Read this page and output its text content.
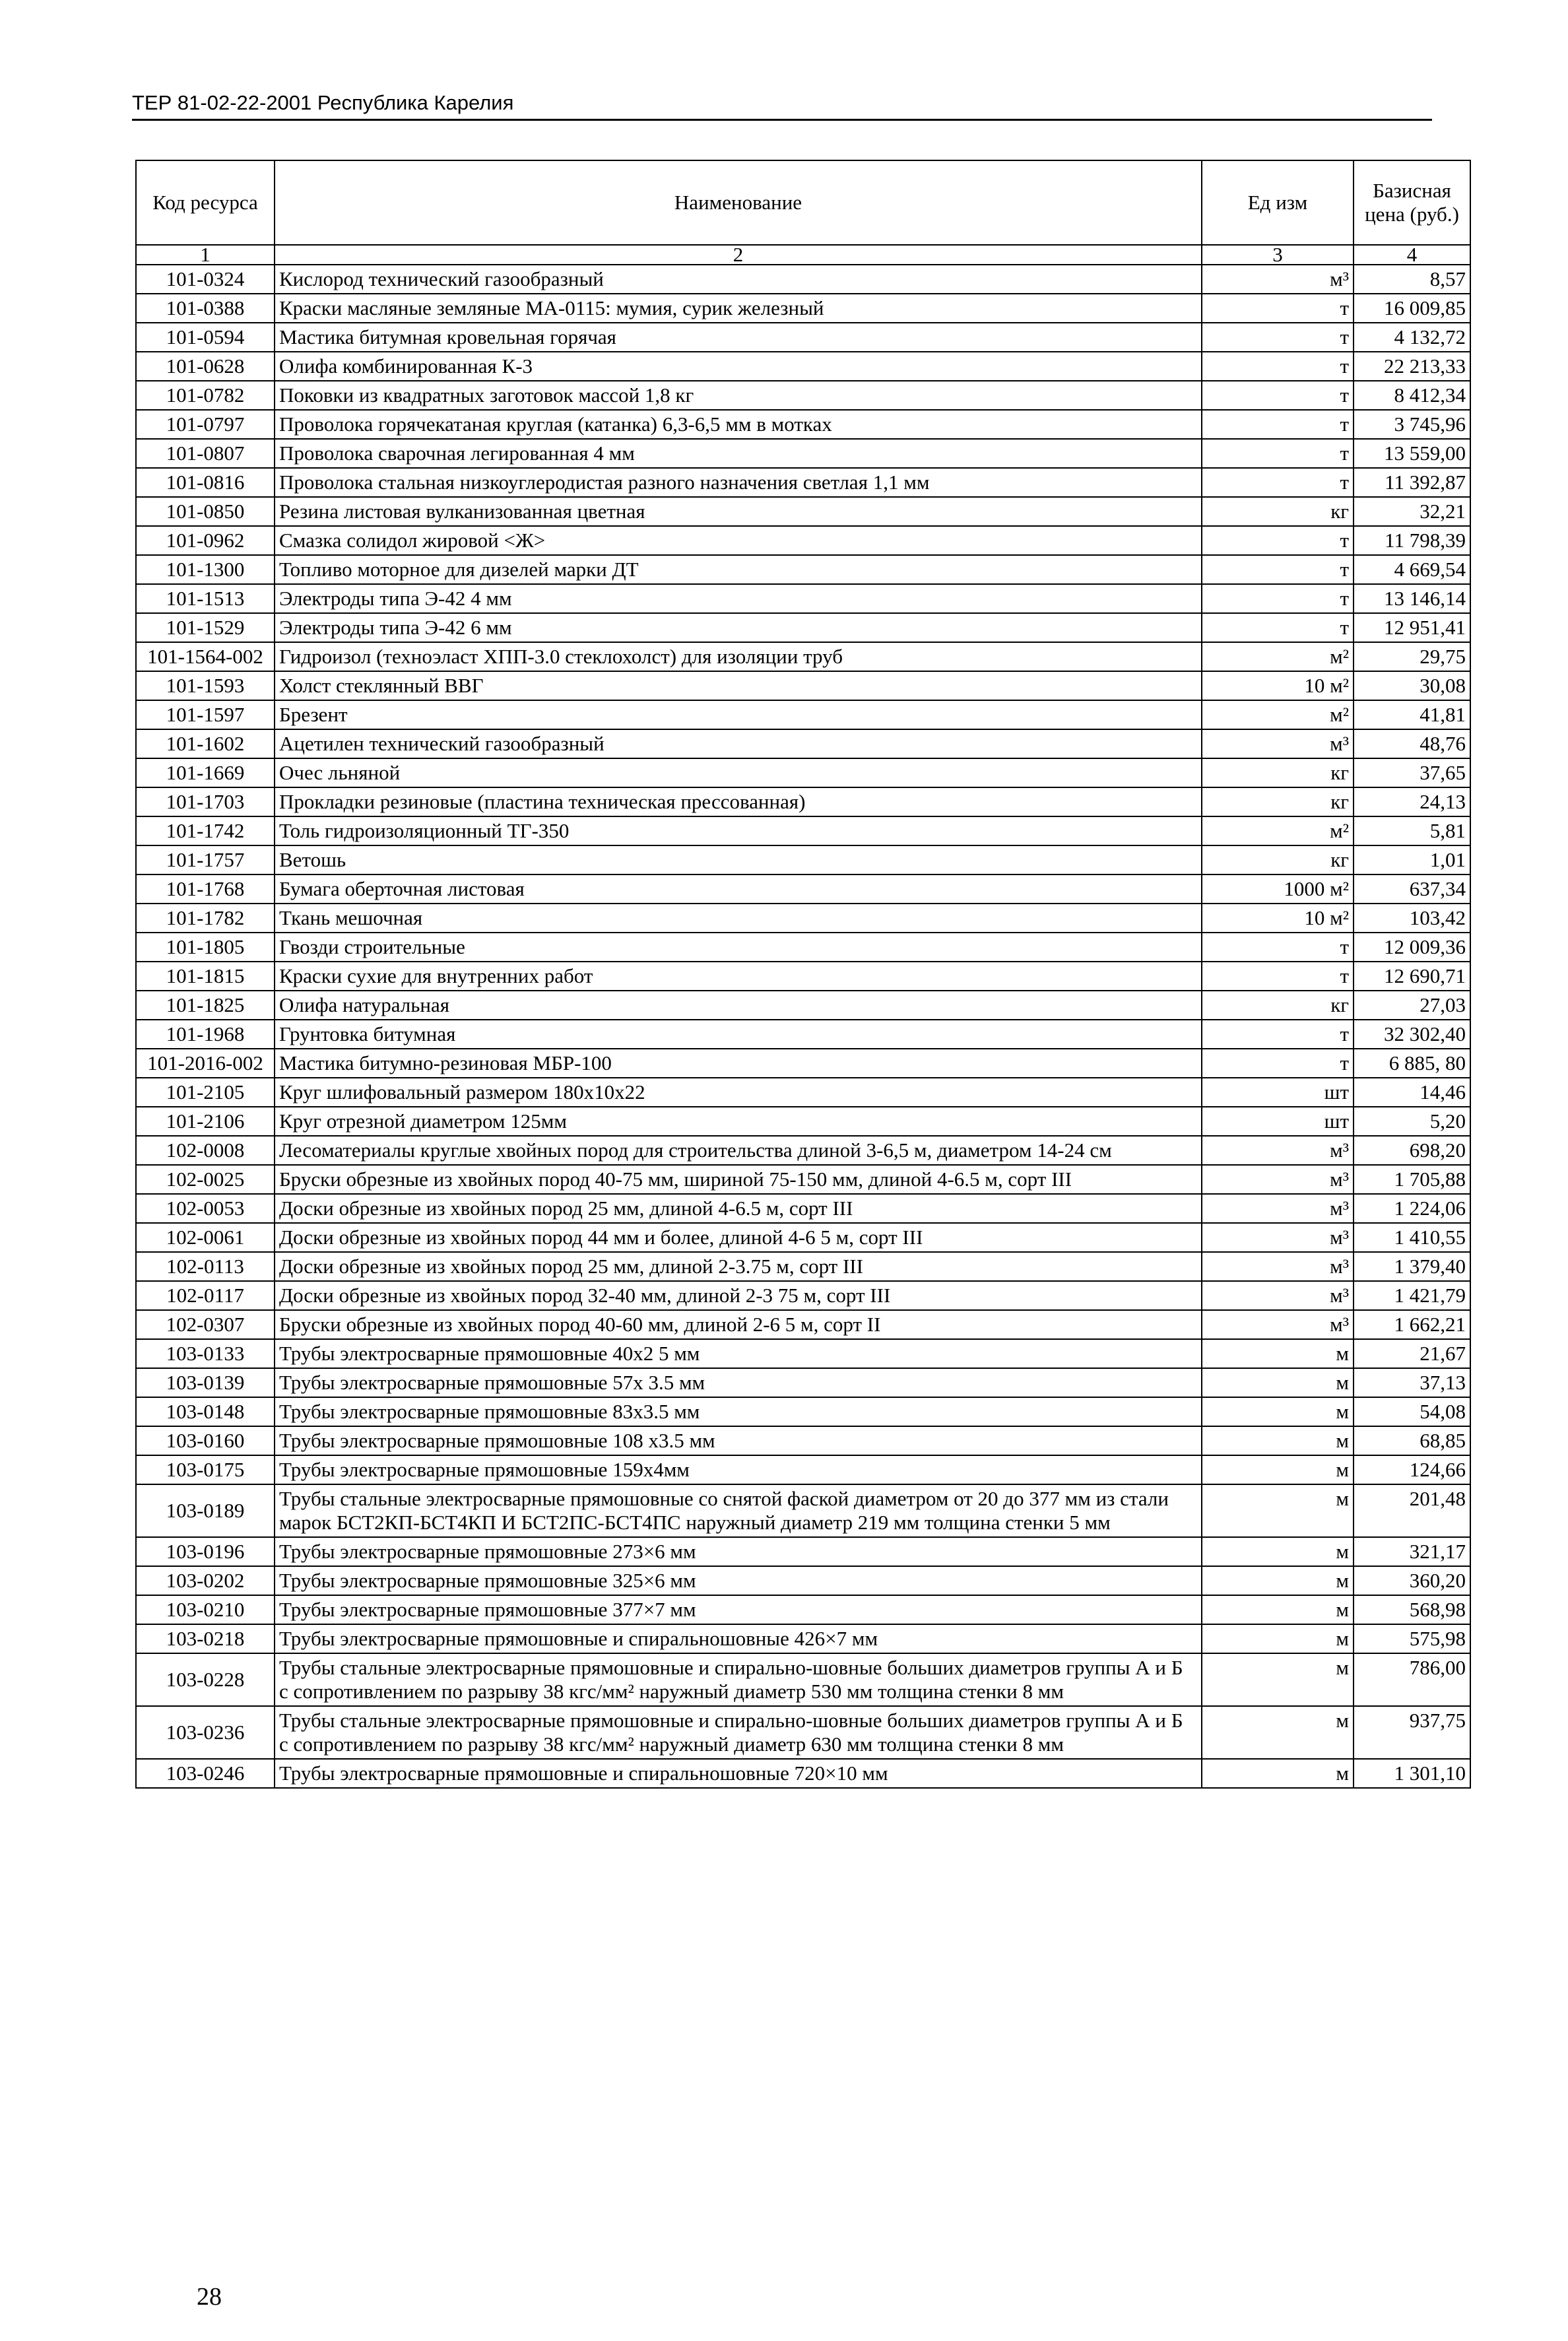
ТЕР 81-02-22-2001 Республика Карелия
Код ресурса	Наименование	Ед изм	Базисная цена (руб.)
1	2	3	4
101-0324	Кислород технический газообразный	м³	8,57
101-0388	Краски масляные земляные МА-0115: мумия, сурик железный	т	16 009,85
101-0594	Мастика битумная кровельная горячая	т	4 132,72
101-0628	Олифа комбинированная К-3	т	22 213,33
101-0782	Поковки из квадратных заготовок массой 1,8 кг	т	8 412,34
101-0797	Проволока горячекатаная круглая (катанка) 6,3-6,5 мм в мотках	т	3 745,96
101-0807	Проволока сварочная легированная 4 мм	т	13 559,00
101-0816	Проволока стальная низкоуглеродистая разного назначения светлая 1,1 мм	т	11 392,87
101-0850	Резина листовая вулканизованная цветная	кг	32,21
101-0962	Смазка солидол жировой <Ж>	т	11 798,39
101-1300	Топливо моторное для дизелей марки ДТ	т	4 669,54
101-1513	Электроды типа Э-42 4 мм	т	13 146,14
101-1529	Электроды типа Э-42 6 мм	т	12 951,41
101-1564-002	Гидроизол (техноэласт ХПП-3.0 стеклохолст) для изоляции труб	м²	29,75
101-1593	Холст стеклянный ВВГ	10 м²	30,08
101-1597	Брезент	м²	41,81
101-1602	Ацетилен технический газообразный	м³	48,76
101-1669	Очес льняной	кг	37,65
101-1703	Прокладки резиновые (пластина техническая прессованная)	кг	24,13
101-1742	Толь гидроизоляционный ТГ-350	м²	5,81
101-1757	Ветошь	кг	1,01
101-1768	Бумага оберточная листовая	1000 м²	637,34
101-1782	Ткань мешочная	10 м²	103,42
101-1805	Гвозди строительные	т	12 009,36
101-1815	Краски сухие для внутренних работ	т	12 690,71
101-1825	Олифа натуральная	кг	27,03
101-1968	Грунтовка битумная	т	32 302,40
101-2016-002	Мастика битумно-резиновая МБР-100	т	6 885, 80
101-2105	Круг шлифовальный размером 180x10x22	шт	14,46
101-2106	Круг отрезной диаметром 125мм	шт	5,20
102-0008	Лесоматериалы круглые хвойных пород для строительства длиной 3-6,5 м, диаметром 14-24 см	м³	698,20
102-0025	Бруски обрезные из хвойных пород 40-75 мм, шириной 75-150 мм, длиной 4-6.5 м, сорт III	м³	1 705,88
102-0053	Доски обрезные из хвойных пород 25 мм, длиной 4-6.5 м, сорт III	м³	1 224,06
102-0061	Доски обрезные из хвойных пород 44 мм и более, длиной 4-6 5 м, сорт III	м³	1 410,55
102-0113	Доски обрезные из хвойных пород 25 мм, длиной 2-3.75 м, сорт III	м³	1 379,40
102-0117	Доски обрезные из хвойных пород 32-40 мм, длиной 2-3 75 м, сорт III	м³	1 421,79
102-0307	Бруски обрезные из хвойных пород 40-60 мм, длиной 2-6 5 м, сорт II	м³	1 662,21
103-0133	Трубы электросварные прямошовные 40x2 5 мм	м	21,67
103-0139	Трубы электросварные прямошовные 57x 3.5 мм	м	37,13
103-0148	Трубы электросварные прямошовные 83x3.5 мм	м	54,08
103-0160	Трубы электросварные прямошовные 108 x3.5 мм	м	68,85
103-0175	Трубы электросварные прямошовные 159x4мм	м	124,66
103-0189	Трубы стальные электросварные прямошовные со снятой фаской диаметром от 20 до 377 мм из стали марок БСТ2КП-БСТ4КП И БСТ2ПС-БСТ4ПС наружный диаметр 219 мм толщина стенки 5 мм	м	201,48
103-0196	Трубы электросварные прямошовные 273×6 мм	м	321,17
103-0202	Трубы электросварные прямошовные 325×6 мм	м	360,20
103-0210	Трубы электросварные прямошовные 377×7 мм	м	568,98
103-0218	Трубы электросварные прямошовные и спиральношовные 426×7 мм	м	575,98
103-0228	Трубы стальные электросварные прямошовные и спирально-шовные больших диаметров группы А и Б с сопротивлением по разрыву 38 кгс/мм² наружный диаметр 530 мм толщина стенки 8 мм	м	786,00
103-0236	Трубы стальные электросварные прямошовные и спирально-шовные больших диаметров группы А и Б с сопротивлением по разрыву 38 кгс/мм² наружный диаметр 630 мм толщина стенки 8 мм	м	937,75
103-0246	Трубы электросварные прямошовные и спиральношовные 720×10 мм	м	1 301,10
28
